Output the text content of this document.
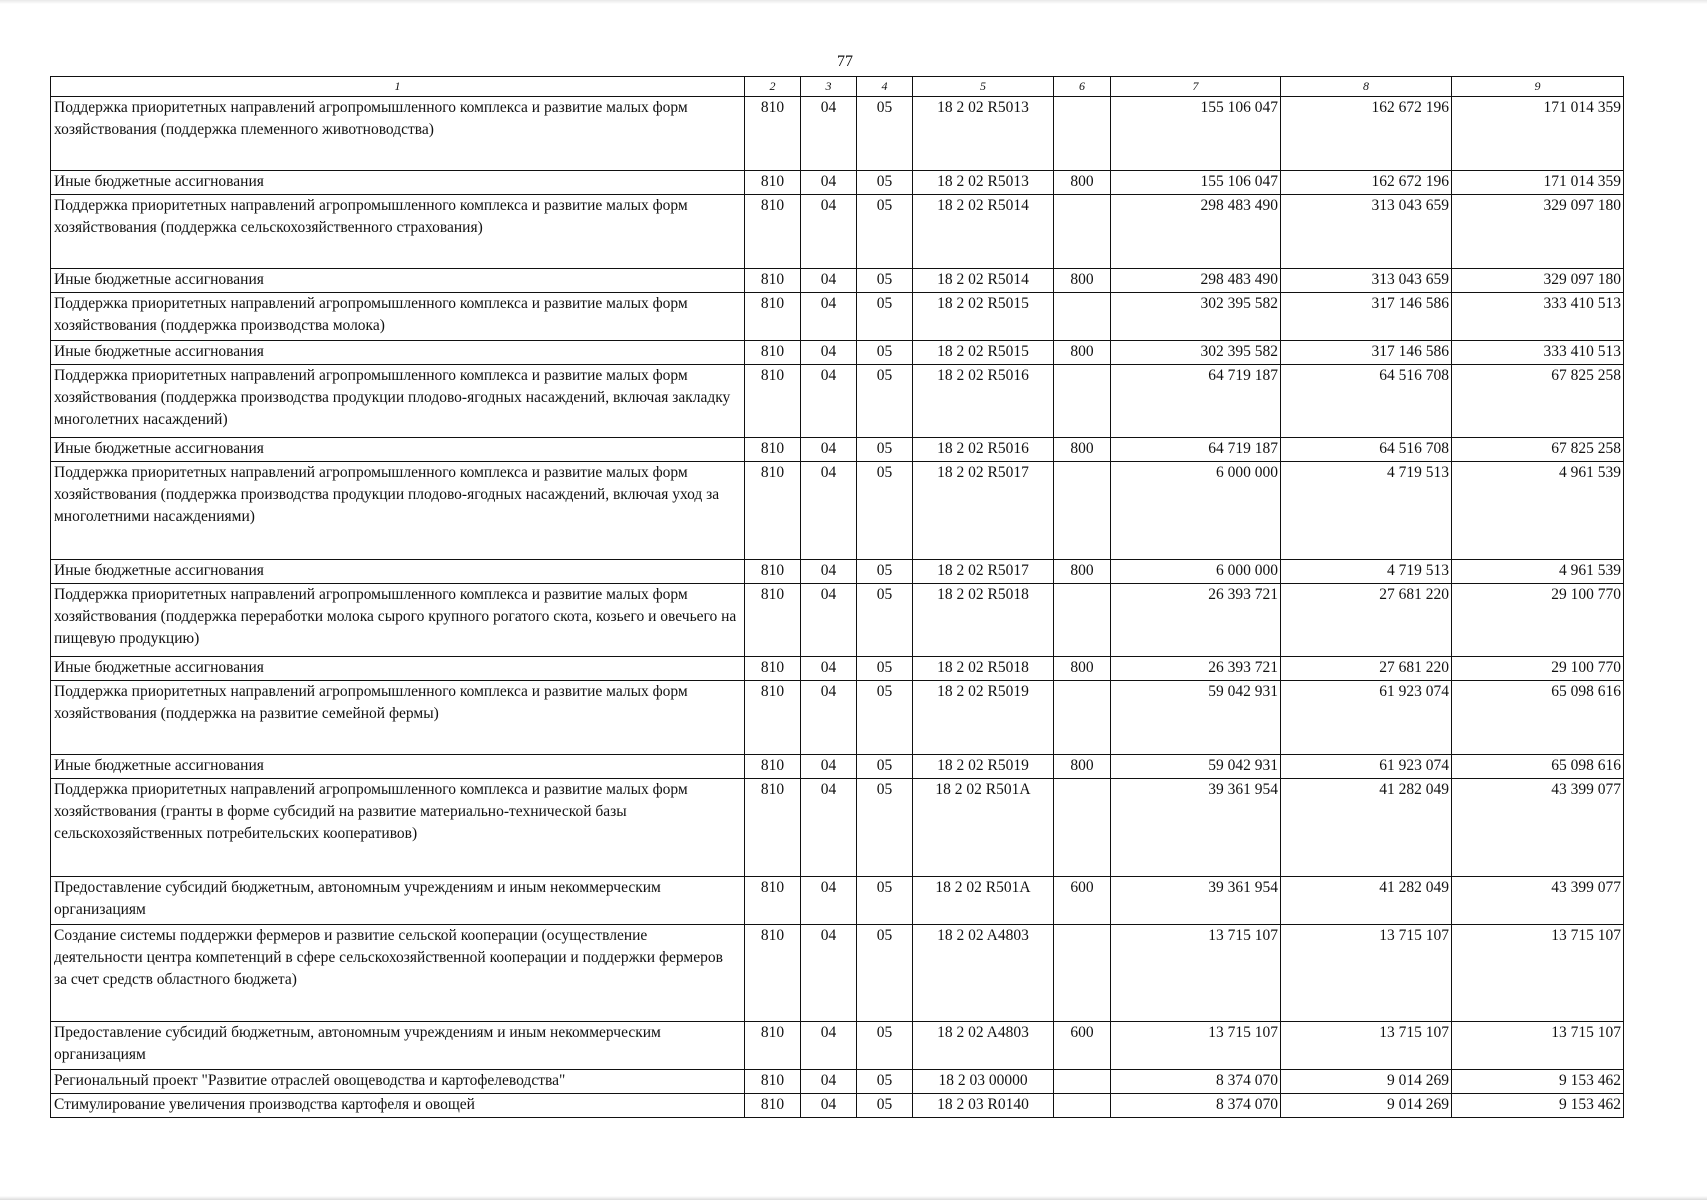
77
1	2	3	4	5	6	7	8	9
Поддержка приоритетных направлений агропромышленного комплекса и развитие малых форм хозяйствования (поддержка племенного животноводства)	810	04	05	18 2 02 R5013		155 106 047	162 672 196	171 014 359
Иные бюджетные ассигнования	810	04	05	18 2 02 R5013	800	155 106 047	162 672 196	171 014 359
Поддержка приоритетных направлений агропромышленного комплекса и развитие малых форм хозяйствования (поддержка сельскохозяйственного страхования)	810	04	05	18 2 02 R5014		298 483 490	313 043 659	329 097 180
Иные бюджетные ассигнования	810	04	05	18 2 02 R5014	800	298 483 490	313 043 659	329 097 180
Поддержка приоритетных направлений агропромышленного комплекса и развитие малых форм хозяйствования (поддержка производства молока)	810	04	05	18 2 02 R5015		302 395 582	317 146 586	333 410 513
Иные бюджетные ассигнования	810	04	05	18 2 02 R5015	800	302 395 582	317 146 586	333 410 513
Поддержка приоритетных направлений агропромышленного комплекса и развитие малых форм хозяйствования (поддержка производства продукции плодово-ягодных насаждений, включая закладку многолетних насаждений)	810	04	05	18 2 02 R5016		64 719 187	64 516 708	67 825 258
Иные бюджетные ассигнования	810	04	05	18 2 02 R5016	800	64 719 187	64 516 708	67 825 258
Поддержка приоритетных направлений агропромышленного комплекса и развитие малых форм хозяйствования (поддержка производства продукции плодово-ягодных насаждений, включая уход за многолетними насаждениями)	810	04	05	18 2 02 R5017		6 000 000	4 719 513	4 961 539
Иные бюджетные ассигнования	810	04	05	18 2 02 R5017	800	6 000 000	4 719 513	4 961 539
Поддержка приоритетных направлений агропромышленного комплекса и развитие малых форм хозяйствования (поддержка переработки молока сырого крупного рогатого скота, козьего и овечьего на пищевую продукцию)	810	04	05	18 2 02 R5018		26 393 721	27 681 220	29 100 770
Иные бюджетные ассигнования	810	04	05	18 2 02 R5018	800	26 393 721	27 681 220	29 100 770
Поддержка приоритетных направлений агропромышленного комплекса и развитие малых форм хозяйствования (поддержка на развитие семейной фермы)	810	04	05	18 2 02 R5019		59 042 931	61 923 074	65 098 616
Иные бюджетные ассигнования	810	04	05	18 2 02 R5019	800	59 042 931	61 923 074	65 098 616
Поддержка приоритетных направлений агропромышленного комплекса и развитие малых форм хозяйствования (гранты в форме субсидий на развитие материально-технической базы сельскохозяйственных потребительских кооперативов)	810	04	05	18 2 02 R501A		39 361 954	41 282 049	43 399 077
Предоставление субсидий бюджетным, автономным учреждениям и иным некоммерческим организациям	810	04	05	18 2 02 R501A	600	39 361 954	41 282 049	43 399 077
Создание системы поддержки фермеров и развитие сельской кооперации (осуществление деятельности центра компетенций в сфере сельскохозяйственной кооперации и поддержки фермеров за счет средств областного бюджета)	810	04	05	18 2 02 A4803		13 715 107	13 715 107	13 715 107
Предоставление субсидий бюджетным, автономным учреждениям и иным некоммерческим организациям	810	04	05	18 2 02 A4803	600	13 715 107	13 715 107	13 715 107
Региональный проект "Развитие отраслей овощеводства и картофелеводства"	810	04	05	18 2 03 00000		8 374 070	9 014 269	9 153 462
Стимулирование увеличения производства картофеля и овощей	810	04	05	18 2 03 R0140		8 374 070	9 014 269	9 153 462
